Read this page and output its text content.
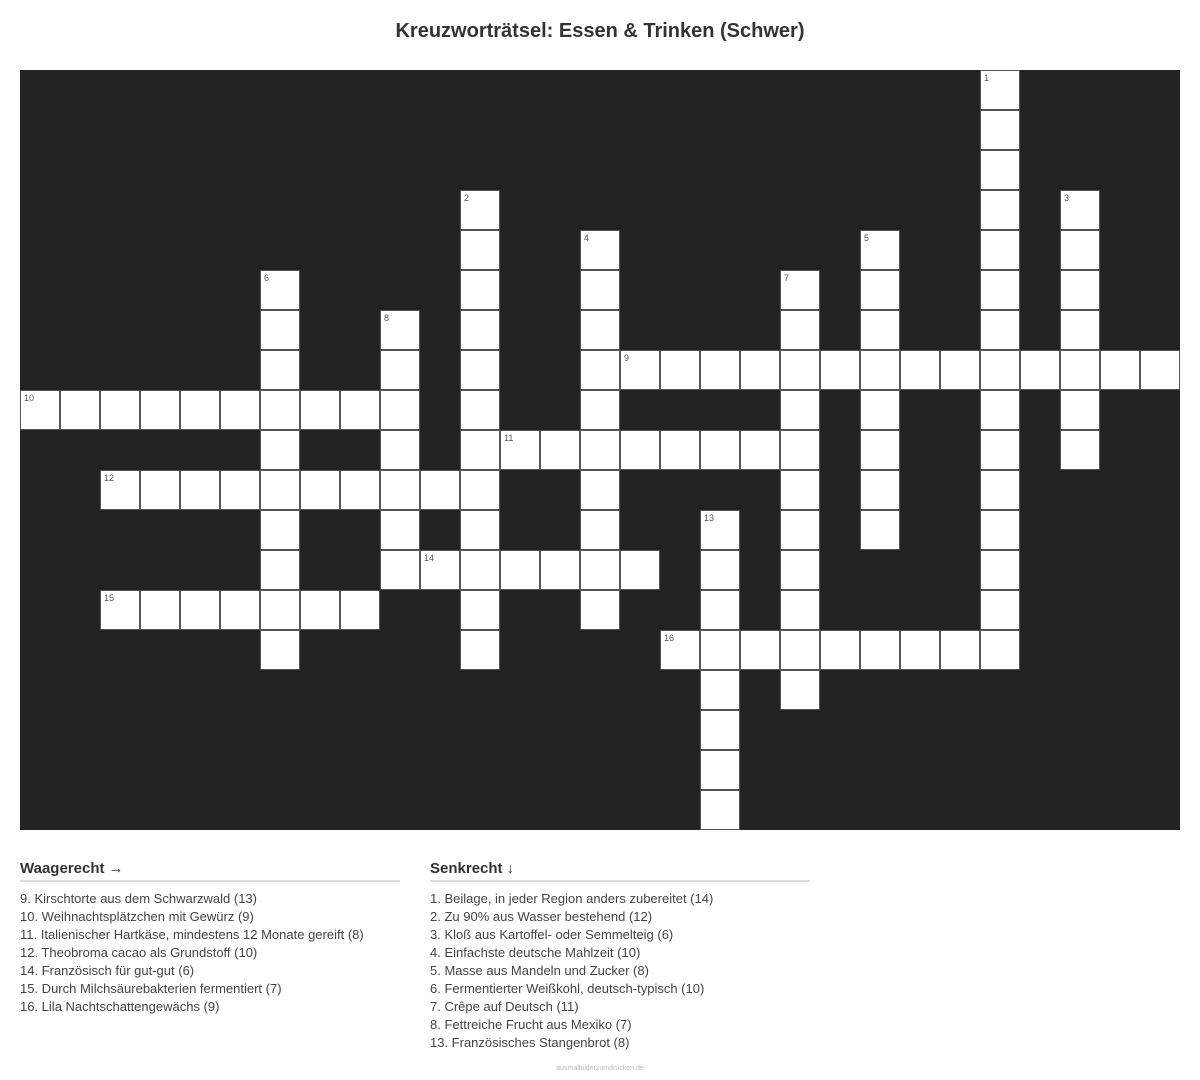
Kreuzworträtsel: Essen & Trinken (Schwer)
1
2	3
4	5
6	7
8
9
10
11
12
13
14
15
16
Waagerecht →
9. Kirschtorte aus dem Schwarzwald (13)
10. Weihnachtsplätzchen mit Gewürz (9)
11. Italienischer Hartkäse, mindestens 12 Monate gereift (8)
12. Theobroma cacao als Grundstoff (10)
14. Französisch für gut-gut (6)
15. Durch Milchsäurebakterien fermentiert (7)
16. Lila Nachtschattengewächs (9)
Senkrecht ↓
1. Beilage, in jeder Region anders zubereitet (14)
2. Zu 90% aus Wasser bestehend (12)
3. Kloß aus Kartoffel- oder Semmelteig (6)
4. Einfachste deutsche Mahlzeit (10)
5. Masse aus Mandeln und Zucker (8)
6. Fermentierter Weißkohl, deutsch-typisch (10)
7. Crêpe auf Deutsch (11)
8. Fettreiche Frucht aus Mexiko (7)
13. Französisches Stangenbrot (8)
ausmalbilderzumdrucken.de
